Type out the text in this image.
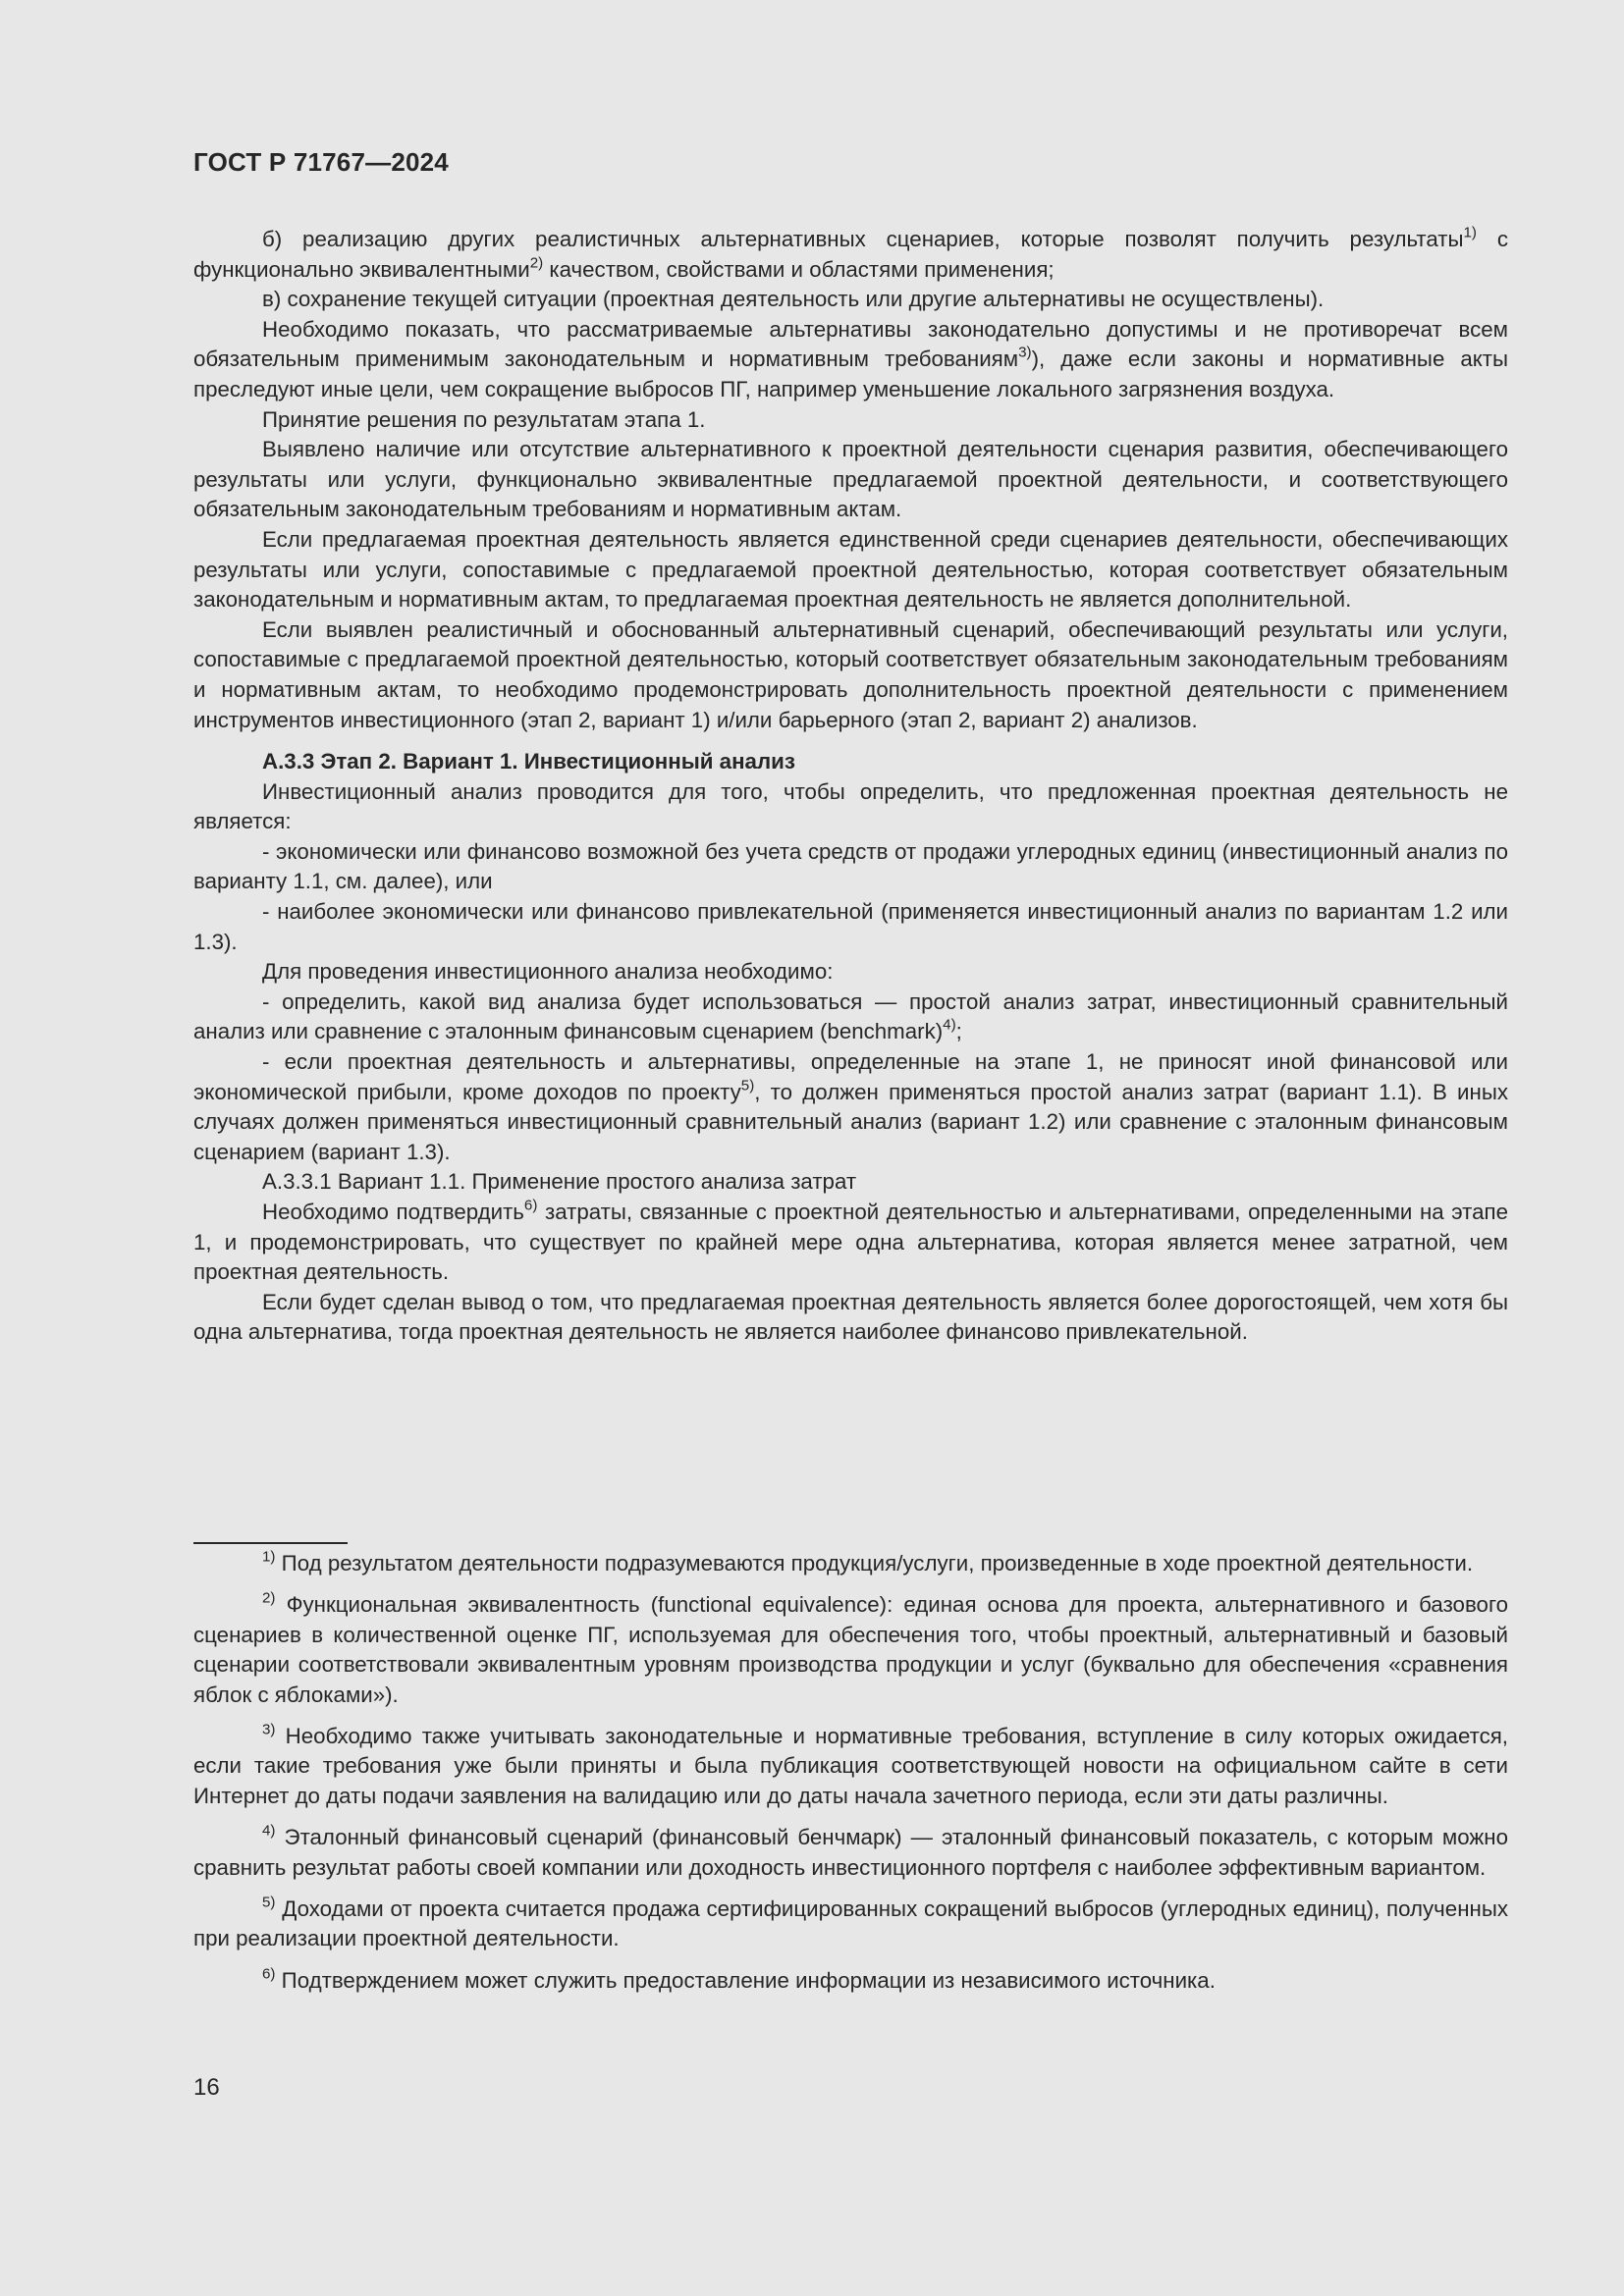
ГОСТ Р 71767—2024

б) реализацию других реалистичных альтернативных сценариев, которые позволят получить результаты$^{1)}$ с функционально эквивалентными$^{2)}$ качеством, свойствами и областями применения;

в) сохранение текущей ситуации (проектная деятельность или другие альтернативы не осуществлены).

Необходимо показать, что рассматриваемые альтернативы законодательно допустимы и не противоречат всем обязательным применимым законодательным и нормативным требованиям$^{3)}$), даже если законы и нормативные акты преследуют иные цели, чем сокращение выбросов ПГ, например уменьшение локального загрязнения воздуха.

Принятие решения по результатам этапа 1.

Выявлено наличие или отсутствие альтернативного к проектной деятельности сценария развития, обеспечивающего результаты или услуги, функционально эквивалентные предлагаемой проектной деятельности, и соответствующего обязательным законодательным требованиям и нормативным актам.

Если предлагаемая проектная деятельность является единственной среди сценариев деятельности, обеспечивающих результаты или услуги, сопоставимые с предлагаемой проектной деятельностью, которая соответствует обязательным законодательным и нормативным актам, то предлагаемая проектная деятельность не является дополнительной.

Если выявлен реалистичный и обоснованный альтернативный сценарий, обеспечивающий результаты или услуги, сопоставимые с предлагаемой проектной деятельностью, который соответствует обязательным законодательным требованиям и нормативным актам, то необходимо продемонстрировать дополнительность проектной деятельности с применением инструментов инвестиционного (этап 2, вариант 1) и/или барьерного (этап 2, вариант 2) анализов.

А.3.3 Этап 2. Вариант 1. Инвестиционный анализ

Инвестиционный анализ проводится для того, чтобы определить, что предложенная проектная деятельность не является:

- экономически или финансово возможной без учета средств от продажи углеродных единиц (инвестиционный анализ по варианту 1.1, см. далее), или

- наиболее экономически или финансово привлекательной (применяется инвестиционный анализ по вариантам 1.2 или 1.3).

Для проведения инвестиционного анализа необходимо:

- определить, какой вид анализа будет использоваться — простой анализ затрат, инвестиционный сравнительный анализ или сравнение с эталонным финансовым сценарием (benchmark)$^{4)}$;

- если проектная деятельность и альтернативы, определенные на этапе 1, не приносят иной финансовой или экономической прибыли, кроме доходов по проекту$^{5)}$, то должен применяться простой анализ затрат (вариант 1.1). В иных случаях должен применяться инвестиционный сравнительный анализ (вариант 1.2) или сравнение с эталонным финансовым сценарием (вариант 1.3).

А.3.3.1 Вариант 1.1. Применение простого анализа затрат

Необходимо подтвердить$^{6)}$ затраты, связанные с проектной деятельностью и альтернативами, определенными на этапе 1, и продемонстрировать, что существует по крайней мере одна альтернатива, которая является менее затратной, чем проектная деятельность.

Если будет сделан вывод о том, что предлагаемая проектная деятельность является более дорогостоящей, чем хотя бы одна альтернатива, тогда проектная деятельность не является наиболее финансово привлекательной.

$^{1)}$ Под результатом деятельности подразумеваются продукция/услуги, произведенные в ходе проектной деятельности.

$^{2)}$ Функциональная эквивалентность (functional equivalence): единая основа для проекта, альтернативного и базового сценариев в количественной оценке ПГ, используемая для обеспечения того, чтобы проектный, альтернативный и базовый сценарии соответствовали эквивалентным уровням производства продукции и услуг (буквально для обеспечения «сравнения яблок с яблоками»).

$^{3)}$ Необходимо также учитывать законодательные и нормативные требования, вступление в силу которых ожидается, если такие требования уже были приняты и была публикация соответствующей новости на официальном сайте в сети Интернет до даты подачи заявления на валидацию или до даты начала зачетного периода, если эти даты различны.

$^{4)}$ Эталонный финансовый сценарий (финансовый бенчмарк) — эталонный финансовый показатель, с которым можно сравнить результат работы своей компании или доходность инвестиционного портфеля с наиболее эффективным вариантом.

$^{5)}$ Доходами от проекта считается продажа сертифицированных сокращений выбросов (углеродных единиц), полученных при реализации проектной деятельности.

$^{6)}$ Подтверждением может служить предоставление информации из независимого источника.

16
